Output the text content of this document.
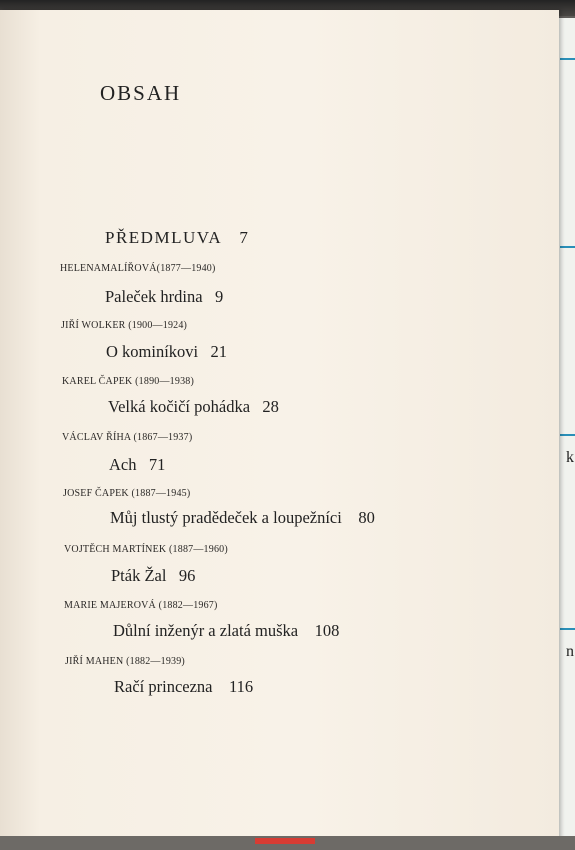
k
n
OBSAH
PŘEDMLUVA 7
HELENAMALÍŘOVÁ(1877—1940)
Paleček hrdina 9
JIŘÍ WOLKER (1900—1924)
O kominíkovi 21
KAREL ČAPEK (1890—1938)
Velká kočičí pohádka 28
VÁCLAV ŘÍHA (1867—1937)
Ach 71
JOSEF ČAPEK (1887—1945)
Můj tlustý pradědeček a loupežníci 80
VOJTĚCH MARTÍNEK (1887—1960)
Pták Žal 96
MARIE MAJEROVÁ (1882—1967)
Důlní inženýr a zlatá muška 108
JIŘÍ MAHEN (1882—1939)
Račí princezna 116
